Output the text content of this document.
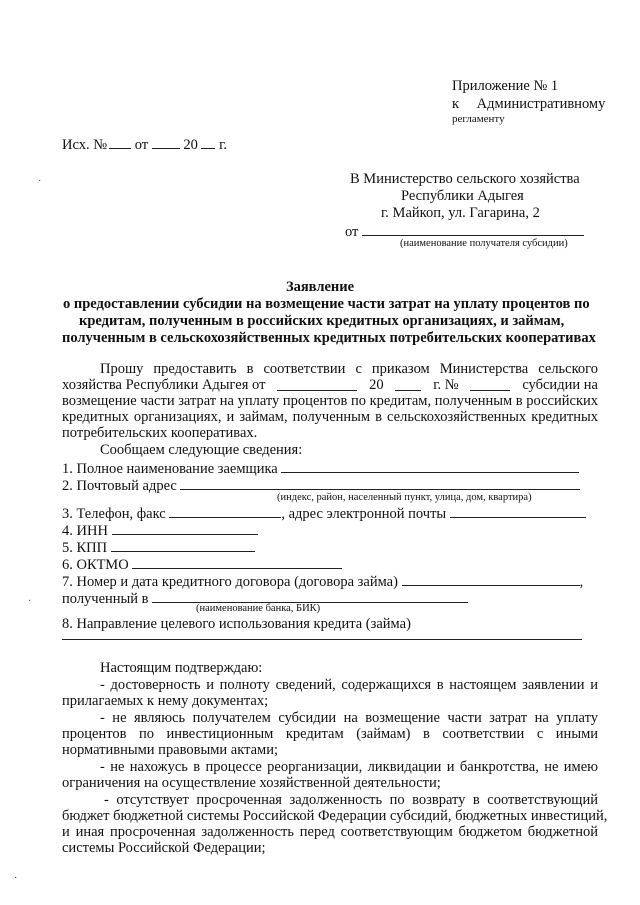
Приложение № 1
к Административному
регламенту
Исх. № от 20 г.
В Министерство сельского хозяйства
Республики Адыгея
г. Майкоп, ул. Гагарина, 2
от
(наименование получателя субсидии)
Заявление
о предоставлении субсидии на возмещение части затрат на уплату процентов по
кредитам, полученным в российских кредитных организациях, и займам,
полученным в сельскохозяйственных кредитных потребительских кооперативах
Прошу предоставить в соответствии с приказом Министерства сельского
хозяйства Республики Адыгея от	20	г. №	субсидии на
возмещение части затрат на уплату процентов по кредитам, полученным в российских
кредитных организациях, и займам, полученным в сельскохозяйственных кредитных
потребительских кооперативах.
Сообщаем следующие сведения:
1. Полное наименование заемщика
2. Почтовый адрес
(индекс, район, населенный пункт, улица, дом, квартира)
3. Телефон, факс	, адрес электронной почты
4. ИНН
5. КПП
6. ОКТМО
7. Номер и дата кредитного договора (договора займа)	,
полученный в
(наименование банка, БИК)
8. Направление целевого использования кредита (займа)
Настоящим подтверждаю:
- достоверность и полноту сведений, содержащихся в настоящем заявлении и
прилагаемых к нему документах;
- не являюсь получателем субсидии на возмещение части затрат на уплату
процентов по инвестиционным кредитам (займам) в соответствии с иными
нормативными правовыми актами;
- не нахожусь в процессе реорганизации, ликвидации и банкротства, не имею
ограничения на осуществление хозяйственной деятельности;
- отсутствует просроченная задолженность по возврату в соответствующий
бюджет бюджетной системы Российской Федерации субсидий, бюджетных инвестиций,
и иная просроченная задолженность перед соответствующим бюджетом бюджетной
системы Российской Федерации;
·
·
·
